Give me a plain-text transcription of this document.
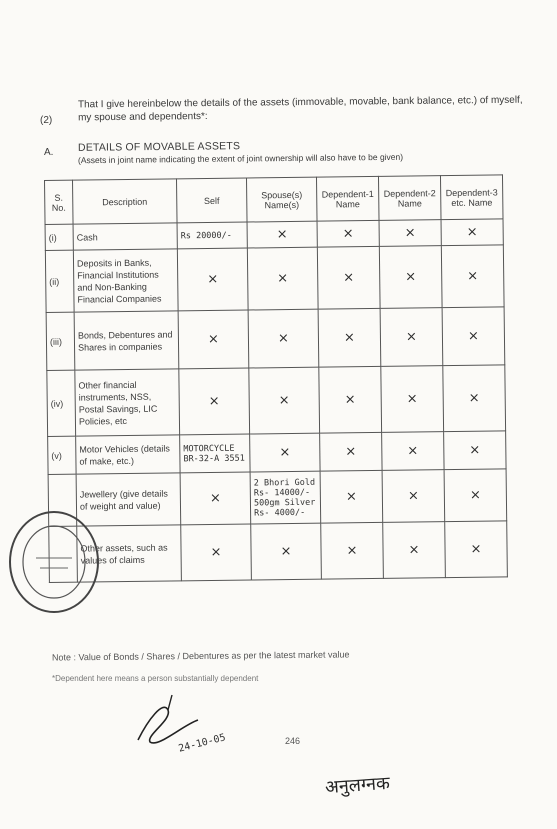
(2)
That I give hereinbelow the details of the assets (immovable, movable, bank balance, etc.) of myself, my spouse and dependents*:
A. DETAILS OF MOVABLE ASSETS
(Assets in joint name indicating the extent of joint ownership will also have to be given)
S. No.	Description	Self	Spouse(s) Name(s)	Dependent-1 Name	Dependent-2 Name	Dependent-3 etc. Name
(i)	Cash	Rs 20000/-	×	×	×	×
(ii)	Deposits in Banks, Financial Institutions and Non-Banking Financial Companies	×	×	×	×	×
(iii)	Bonds, Debentures and Shares in companies	×	×	×	×	×
(iv)	Other financial instruments, NSS, Postal Savings, LIC Policies, etc	×	×	×	×	×
(v)	Motor Vehicles (details of make, etc.)	MOTORCYCLE BR-32-A 3551	×	×	×	×
	Jewellery (give details of weight and value)	×	2 Bhori Gold Rs- 14000/- 500gm Silver Rs- 4000/-	×	×	×
	Other assets, such as values of claims	×	×	×	×	×
Note : Value of Bonds / Shares / Debentures as per the latest market value
*Dependent here means a person substantially dependent
24-10-05	246
अनुलग्नक
